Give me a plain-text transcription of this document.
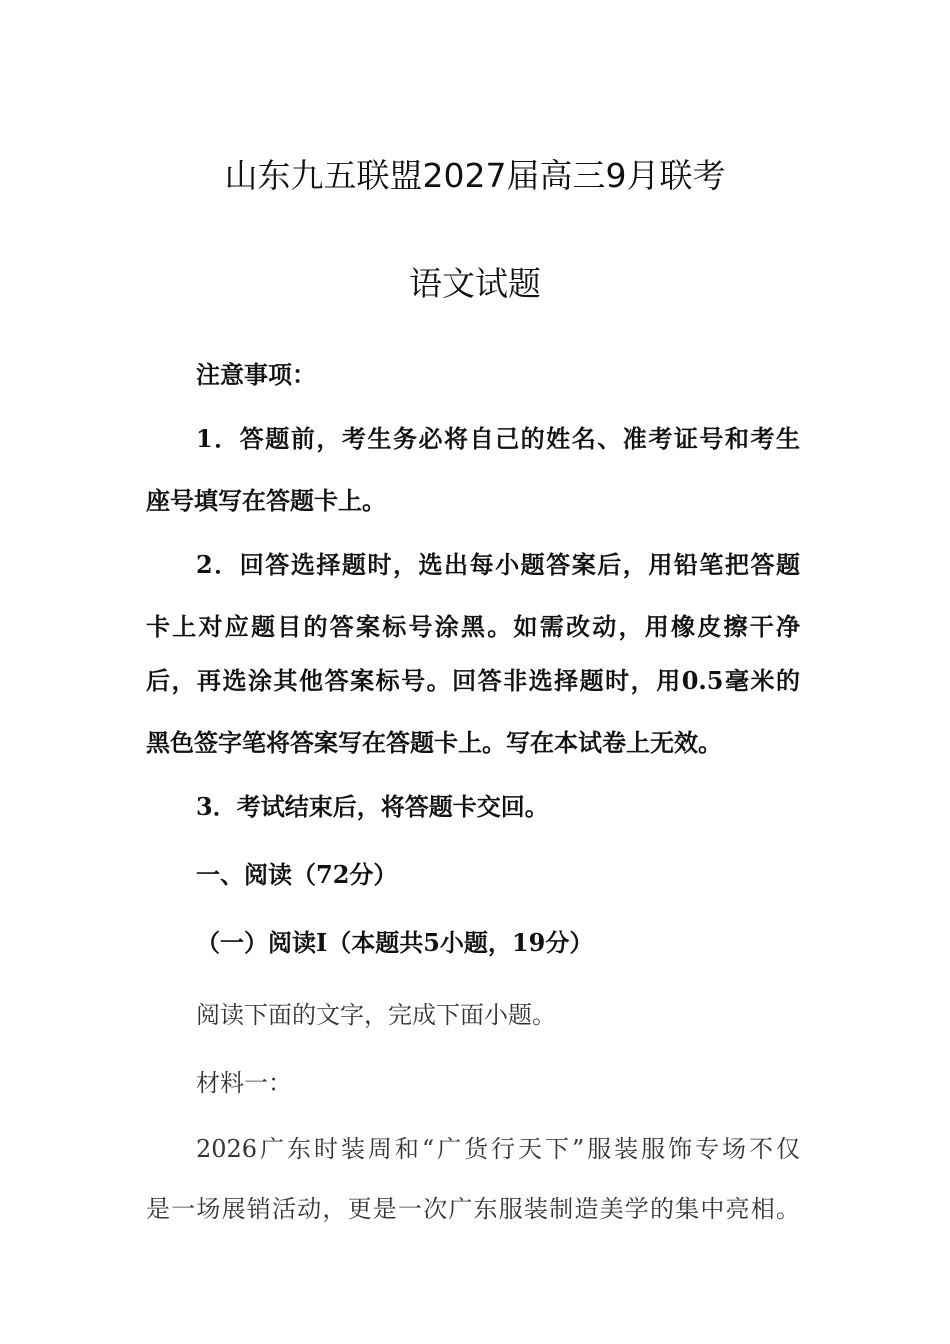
山东九五联盟2027届高三9月联考
语文试题
注意事项：
1．答题前，考生务必将自己的姓名、准考证号和考生
座号填写在答题卡上。
2．回答选择题时，选出每小题答案后，用铅笔把答题
卡上对应题目的答案标号涂黑。如需改动，用橡皮擦干净
后，再选涂其他答案标号。回答非选择题时，用0.5毫米的
黑色签字笔将答案写在答题卡上。写在本试卷上无效。
3．考试结束后，将答题卡交回。
一、阅读（72分）
（一）阅读Ⅰ（本题共5小题，19分）
阅读下面的文字，完成下面小题。
材料一：
2026广东时装周和“广货行天下”服装服饰专场不仅
是一场展销活动，更是一次广东服装制造美学的集中亮相。
